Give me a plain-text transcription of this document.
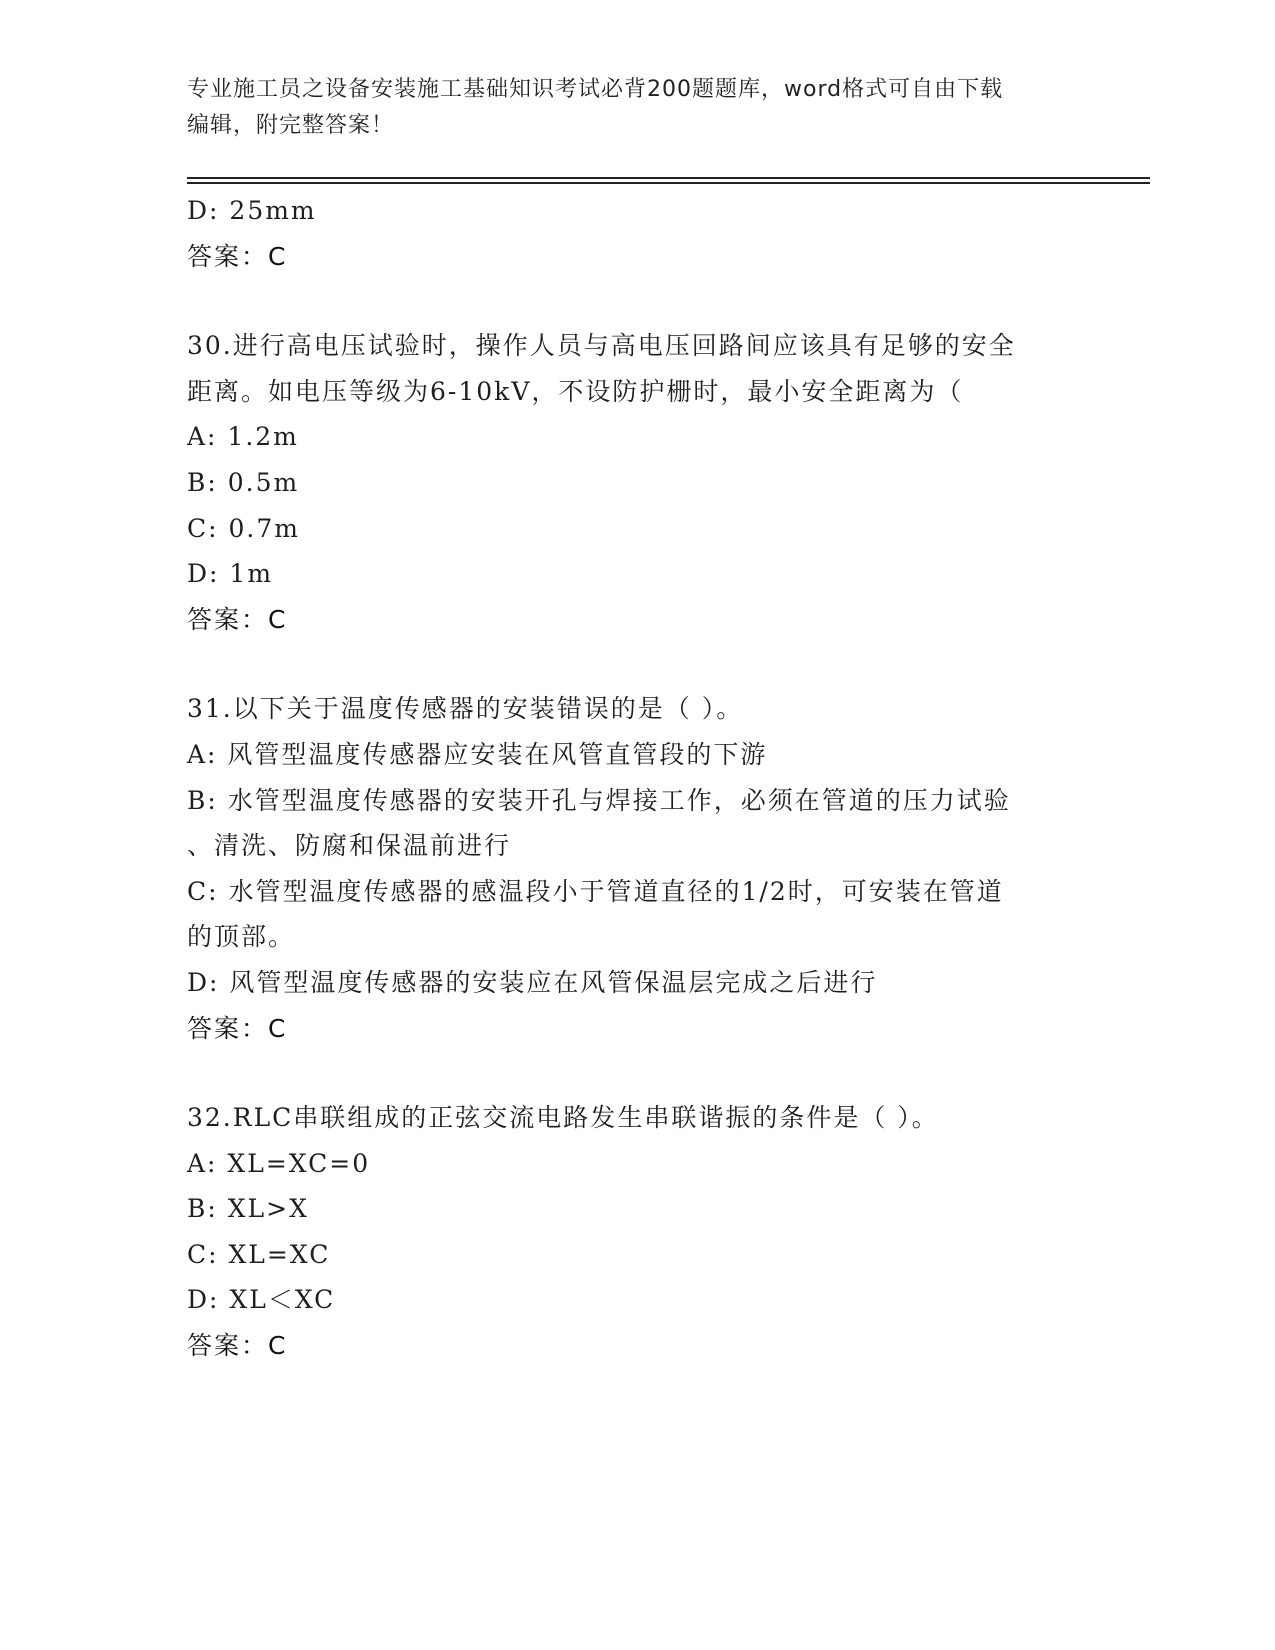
专业施工员之设备安装施工基础知识考试必背200题题库，word格式可自由下载
编辑，附完整答案！
D: 25mm
答案：C
30.进行高电压试验时，操作人员与高电压回路间应该具有足够的安全
距离。如电压等级为6-10kV，不设防护栅时，最小安全距离为（
A: 1.2m
B: 0.5m
C: 0.7m
D: 1m
答案：C
31.以下关于温度传感器的安装错误的是（ ）。
A: 风管型温度传感器应安装在风管直管段的下游
B: 水管型温度传感器的安装开孔与焊接工作，必须在管道的压力试验
、清洗、防腐和保温前进行
C: 水管型温度传感器的感温段小于管道直径的1/2时，可安装在管道
的顶部。
D: 风管型温度传感器的安装应在风管保温层完成之后进行
答案：C
32.RLC串联组成的正弦交流电路发生串联谐振的条件是（ ）。
A: XL=XC=0
B: XL>X
C: XL=XC
D: XL＜XC
答案：C
